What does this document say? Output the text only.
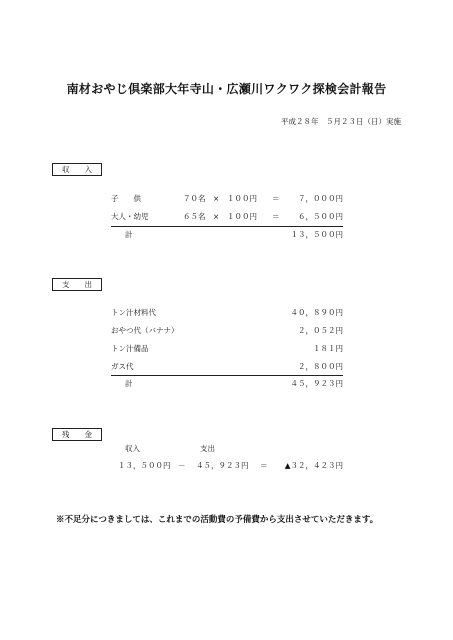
南材おやじ倶楽部大年寺山・広瀬川ワクワク探検会計報告
平成２８年　５月２３日（日）実施
収　　入
子　　供	７０名 × １００円 ＝ ７，０００円
大人・幼児	６５名 × １００円 ＝ ６，５００円
計	１３，５００円
支　　出
トン汁材料代	４０，８９０円
おやつ代（バナナ）	２，０５２円
トン汁備品	１８１円
ガス代	２，８００円
計	４５，９２３円
残　　金
収入	支出
１３，５００円 － ４５，９２３円 ＝ ▲３２，４２３円
※不足分につきましては、これまでの活動費の予備費から支出させていただきます。
